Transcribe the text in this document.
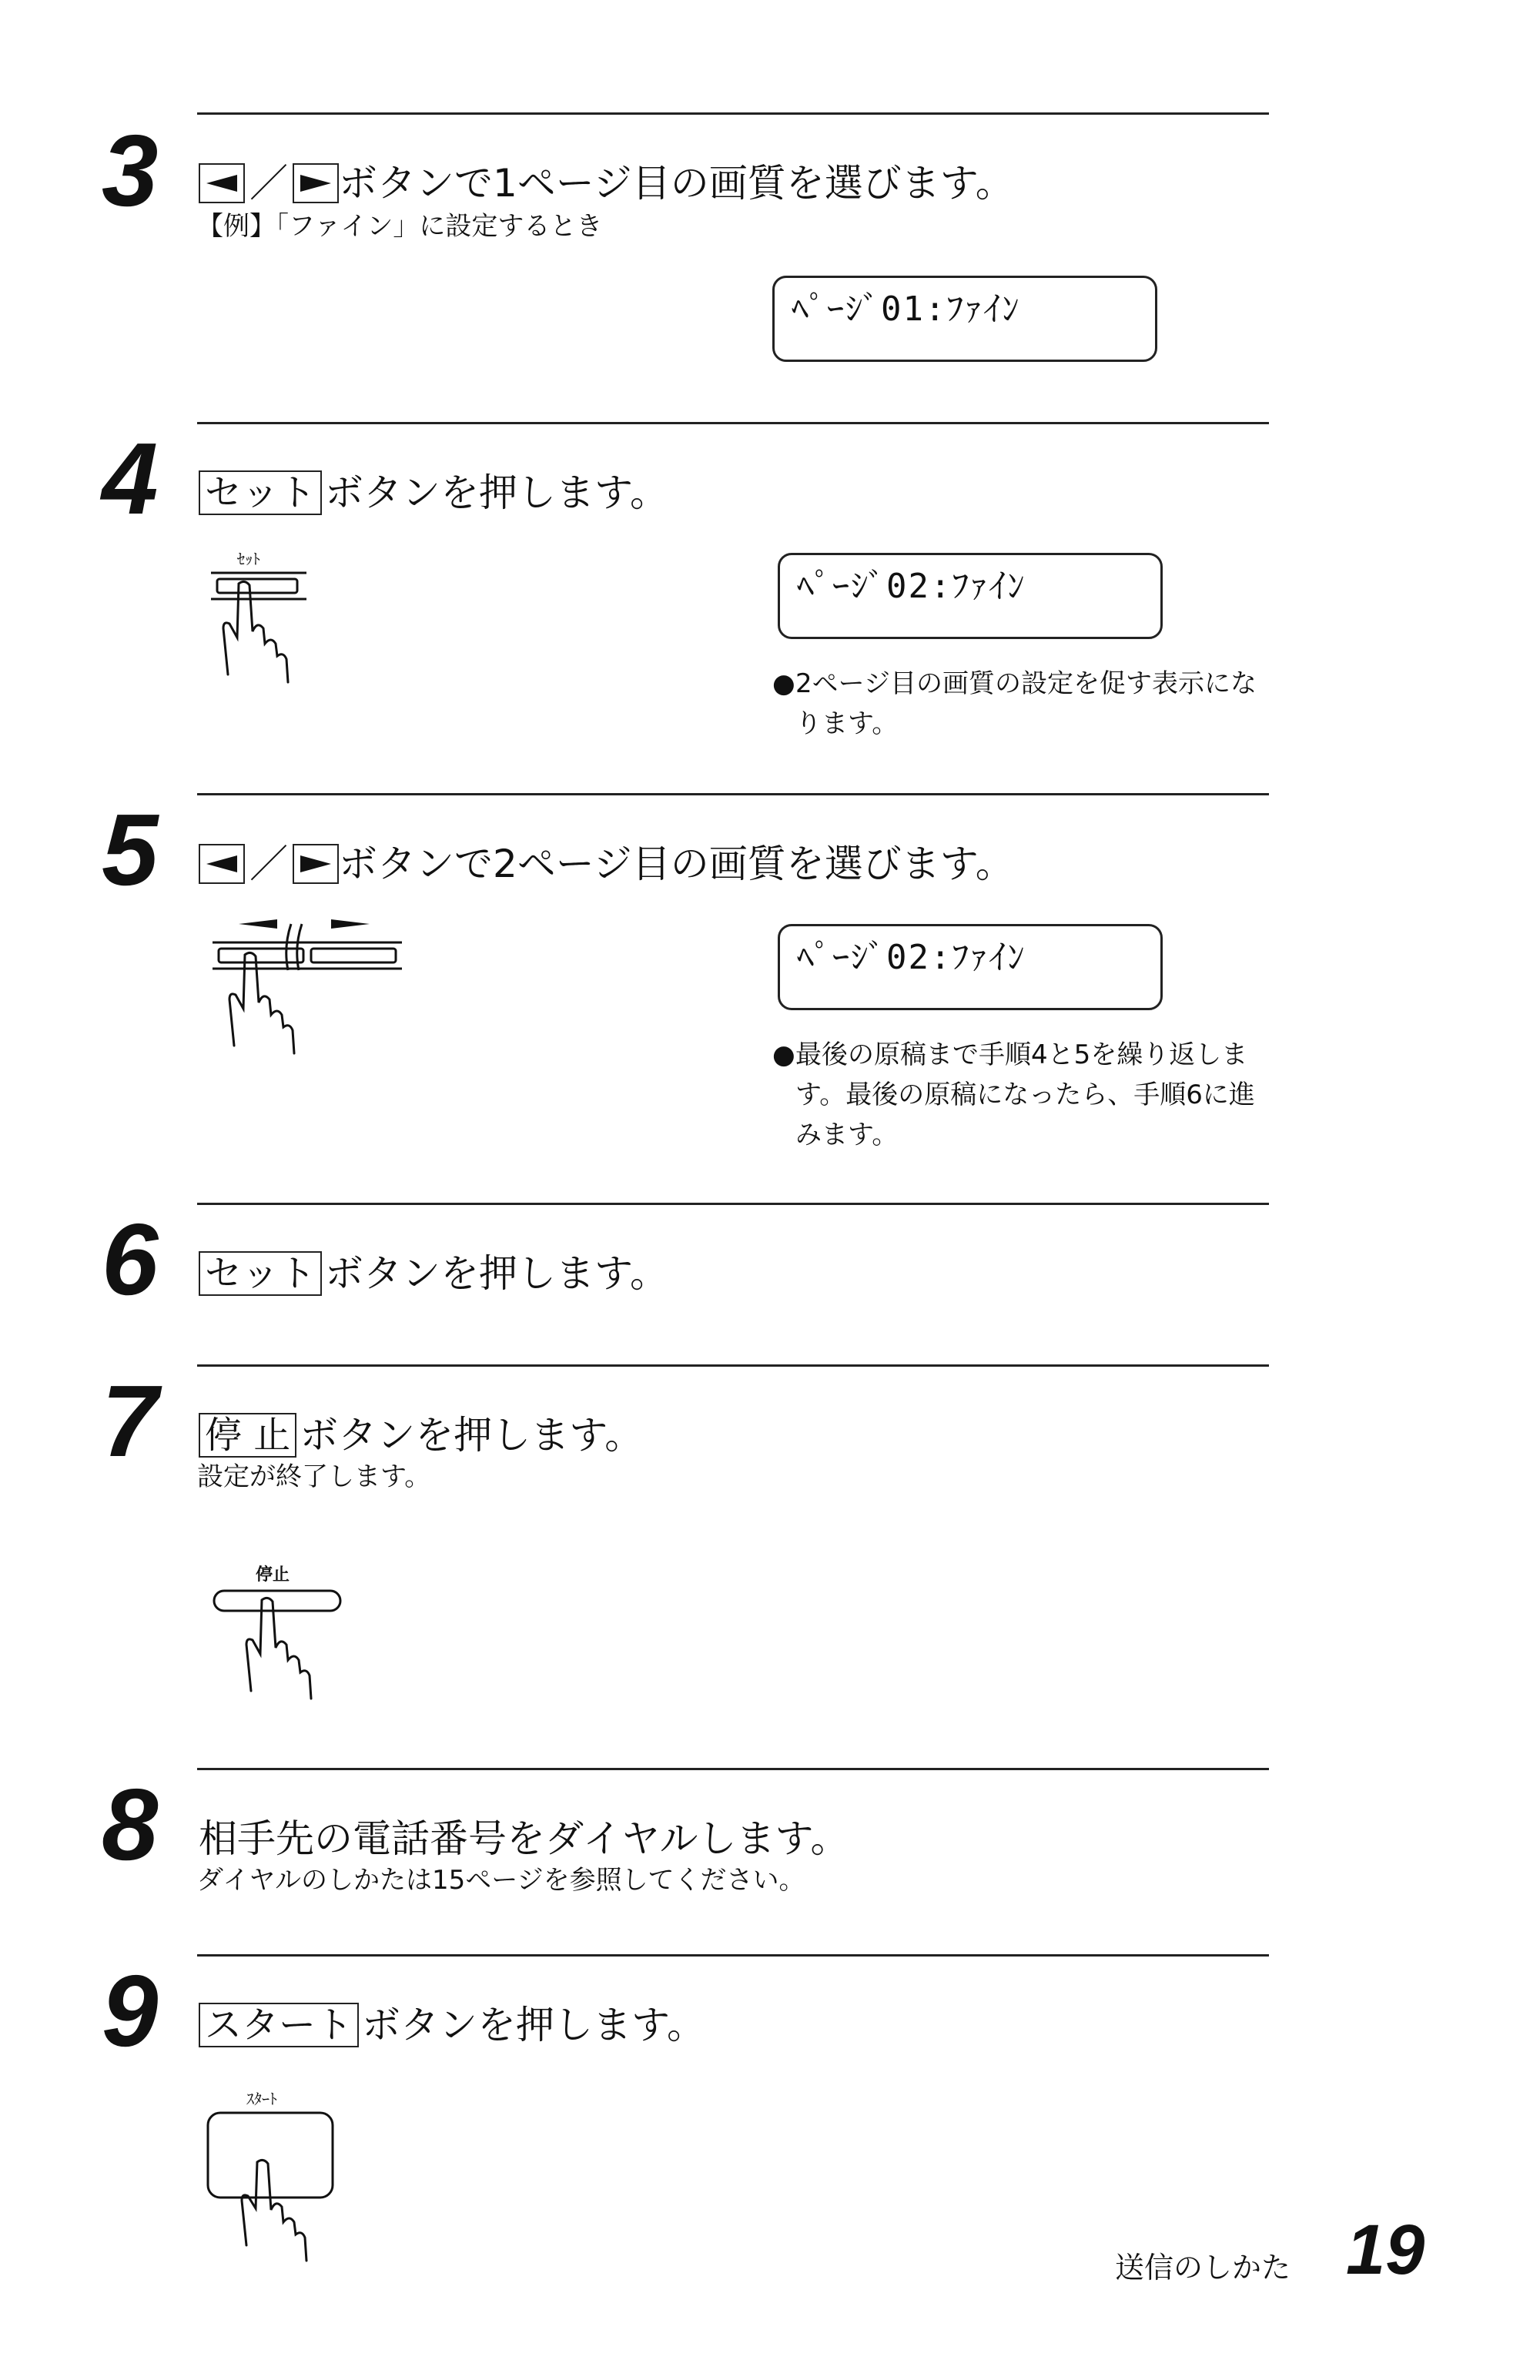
3	／ ボタンで1ページ目の画質を選びます。
【例】「ファイン」に設定するとき
ﾍﾟｰｼﾞ01:ﾌｧｲﾝ
4	セット ボタンを押します。
ｾｯﾄ
ﾍﾟｰｼﾞ02:ﾌｧｲﾝ
● 2ページ目の画質の設定を促す表示になります。
5	／ ボタンで2ページ目の画質を選びます。
ﾍﾟｰｼﾞ02:ﾌｧｲﾝ
● 最後の原稿まで手順4と5を繰り返します。最後の原稿になったら、手順6に進みます。
6	セット ボタンを押します。
7	停 止 ボタンを押します。
設定が終了します。
停止
8	相手先の電話番号をダイヤルします。
ダイヤルのしかたは15ページを参照してください。
9	スタート ボタンを押します。
ｽﾀｰﾄ
送信のしかた 19
